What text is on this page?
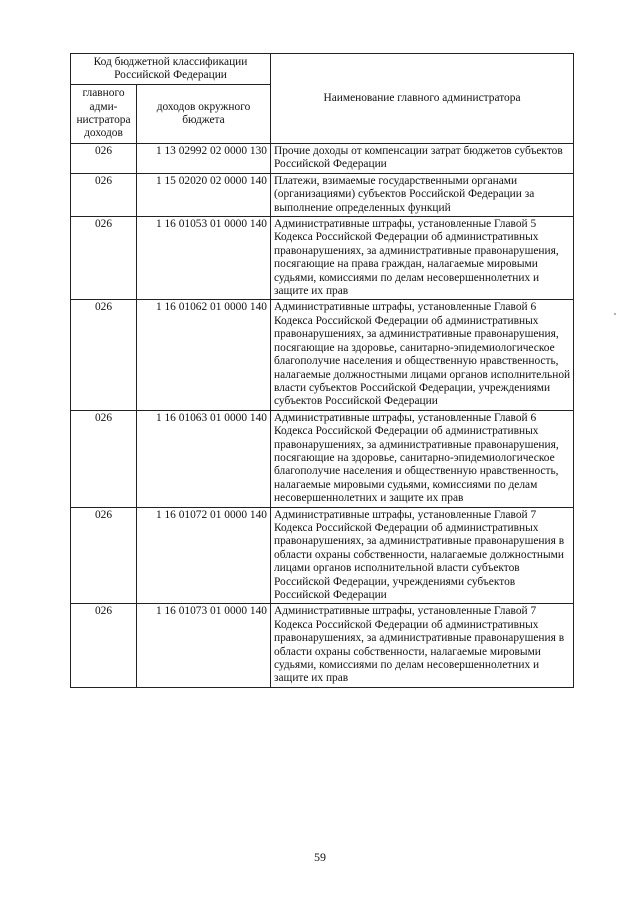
Код бюджетной классификации Российской Федерации		Наименование главного администратора
главного адми-нистратора доходов	доходов окружного бюджета	
026	1 13 02992 02 0000 130	Прочие доходы от компенсации затрат бюджетов субъектов Российской Федерации
026	1 15 02020 02 0000 140	Платежи, взимаемые государственными органами (организациями) субъектов Российской Федерации за выполнение определенных функций
026	1 16 01053 01 0000 140	Административные штрафы, установленные Главой 5 Кодекса Российской Федерации об административных правонарушениях, за административные правонарушения, посягающие на права граждан, налагаемые мировыми судьями, комиссиями по делам несовершеннолетних и защите их прав
026	1 16 01062 01 0000 140	Административные штрафы, установленные Главой 6 Кодекса Российской Федерации об административных правонарушениях, за административные правонарушения, посягающие на здоровье, санитарно-эпидемиологическое благополучие населения и общественную нравственность, налагаемые должностными лицами органов исполнительной власти субъектов Российской Федерации, учреждениями субъектов Российской Федерации
026	1 16 01063 01 0000 140	Административные штрафы, установленные Главой 6 Кодекса Российской Федерации об административных правонарушениях, за административные правонарушения, посягающие на здоровье, санитарно-эпидемиологическое благополучие населения и общественную нравственность, налагаемые мировыми судьями, комиссиями по делам несовершеннолетних и защите их прав
026	1 16 01072 01 0000 140	Административные штрафы, установленные Главой 7 Кодекса Российской Федерации об административных правонарушениях, за административные правонарушения в области охраны собственности, налагаемые должностными лицами органов исполнительной власти субъектов Российской Федерации, учреждениями субъектов Российской Федерации
026	1 16 01073 01 0000 140	Административные штрафы, установленные Главой 7 Кодекса Российской Федерации об административных правонарушениях, за административные правонарушения в области охраны собственности, налагаемые мировыми судьями, комиссиями по делам несовершеннолетних и защите их прав
59
